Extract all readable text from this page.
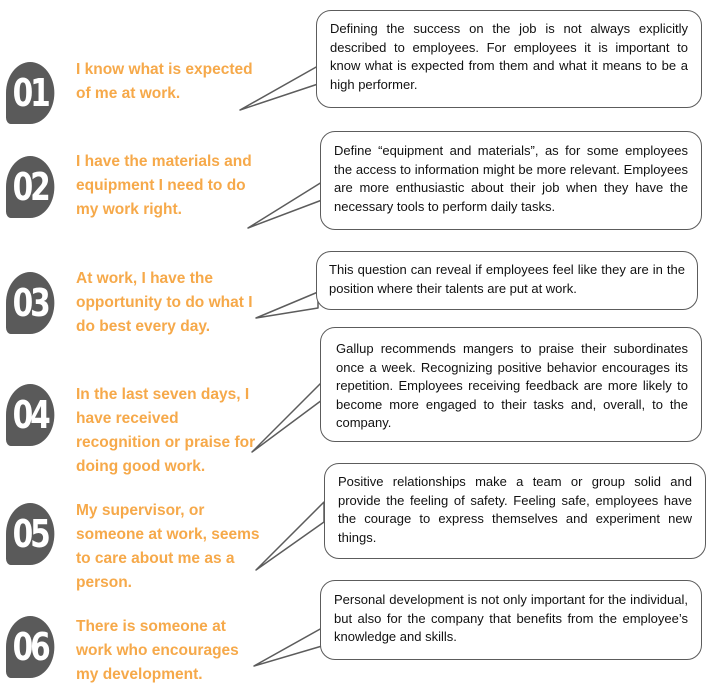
01
I know what is expected of me at work.
Defining the success on the job is not always explicitly described to employees. For employees it is important to know what is expected from them and what it means to be a high performer.
02
I have the materials and equipment I need to do my work right.
Define “equipment and materials”, as for some employees the access to information might be more relevant. Employees are more enthusiastic about their job when they have the necessary tools to perform daily tasks.
03
At work, I have the opportunity to do what I do best every day.
This question can reveal if employees feel like they are in the position where their talents are put at work.
04	In the last seven days, I have received recognition or praise for doing good work.
Gallup recommends mangers to praise their subordinates once a week. Recognizing positive behavior encourages its repetition. Employees receiving feedback are more likely to become more engaged to their tasks and, overall, to the company.
05
My supervisor, or someone at work, seems to care about me as a person.
Positive relationships make a team or group solid and provide the feeling of safety. Feeling safe, employees have the courage to express themselves and experiment new things.
06	There is someone at work who encourages my development.
Personal development is not only important for the individual, but also for the company that benefits from the employee’s knowledge and skills.
